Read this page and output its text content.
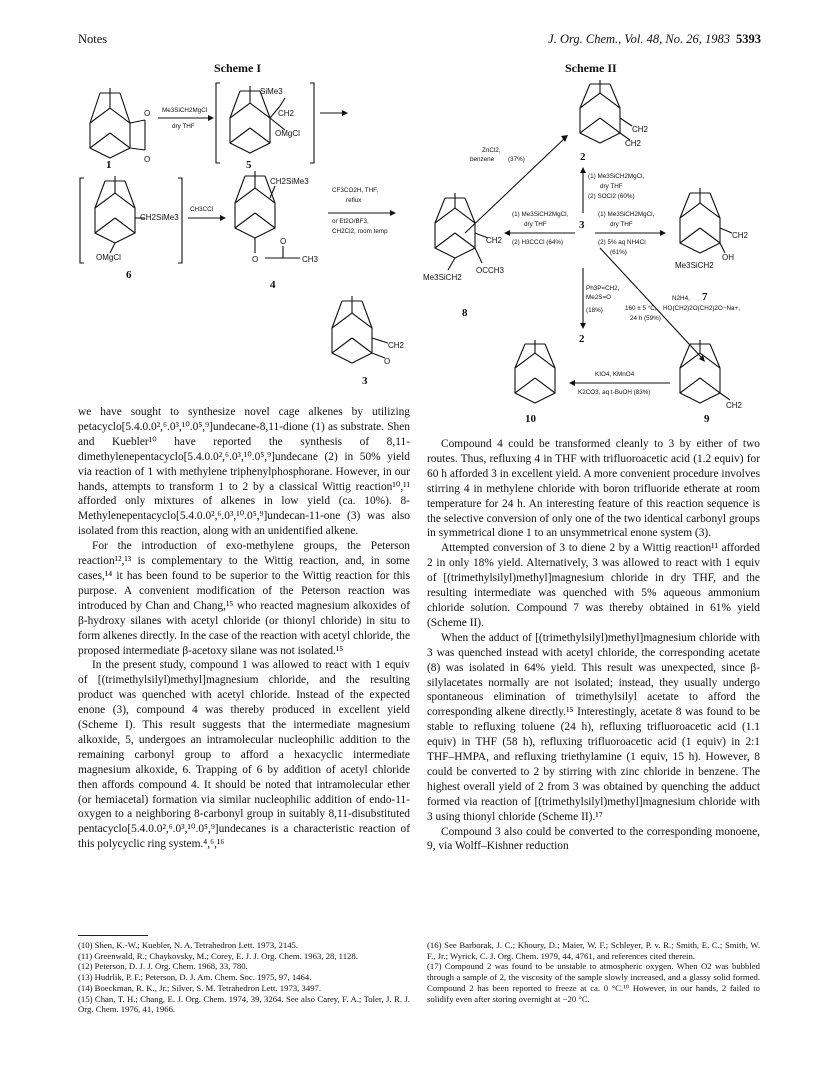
Notes	J. Org. Chem., Vol. 48, No. 26, 1983 5393
Scheme I
O
O
1
Me3SiCH2MgCl
dry THF
SiMe3
CH2
OMgCl
5
CH2SiMe3
OMgCl
6
CH3CCl
CH2SiMe3
O
O
CH3
4
CF3CO2H, THF,
reflux
or Et2O/BF3,
CH2Cl2, room temp
CH2
O
3
Scheme II
CH2
CH2
2
ZnCl2,
benzene (37%)
(1) Me3SiCH2MgCl,
dry THF
(2) SOCl2 (60%)
3
(1) Me3SiCH2MgCl,
dry THF
(2) H3CCCl (64%)
(1) Me3SiCH2MgCl,
dry THF
(2) 5% aq NH4Cl
(61%)
CH2
Me3SiCH2
OCCH3
8
CH2
OH
Me3SiCH2
7
Ph3P=CH2,
Me2S=O
(18%)
2
N2H4,
HO(CH2)2O(CH2)2O−Na+,
160 ± 5 °C,
24 h (59%)
10
KIO4, KMnO4
K2CO3, aq t-BuOH (83%)
CH2
9

we have sought to synthesize novel cage alkenes by utilizing petacyclo[5.4.0.0²,⁶.0³,¹⁰.0⁵,⁹]undecane-8,11-dione (1) as substrate. Shen and Kuebler¹⁰ have reported the synthesis of 8,11-dimethylenepentacyclo[5.4.0.0²,⁶.0³,¹⁰.0⁵,⁹]undecane (2) in 50% yield via reaction of 1 with methylene triphenylphosphorane. However, in our hands, attempts to transform 1 to 2 by a classical Wittig reaction¹⁰,¹¹ afforded only mixtures of alkenes in low yield (ca. 10%). 8-Methylenepentacyclo[5.4.0.0²,⁶.0³,¹⁰.0⁵,⁹]undecan-11-one (3) was also isolated from this reaction, along with an unidentified alkene.

For the introduction of exo-methylene groups, the Peterson reaction¹²,¹³ is complementary to the Wittig reaction, and, in some cases,¹⁴ it has been found to be superior to the Wittig reaction for this purpose. A convenient modification of the Peterson reaction was introduced by Chan and Chang,¹⁵ who reacted magnesium alkoxides of β-hydroxy silanes with acetyl chloride (or thionyl chloride) in situ to form alkenes directly. In the case of the reaction with acetyl chloride, the proposed intermediate β-acetoxy silane was not isolated.¹⁵

In the present study, compound 1 was allowed to react with 1 equiv of [(trimethylsilyl)methyl]magnesium chloride, and the resulting product was quenched with acetyl chloride. Instead of the expected enone (3), compound 4 was thereby produced in excellent yield (Scheme I). This result suggests that the intermediate magnesium alkoxide, 5, undergoes an intramolecular nucleophilic addition to the remaining carbonyl group to afford a hexacyclic intermediate magnesium alkoxide, 6. Trapping of 6 by addition of acetyl chloride then affords compound 4. It should be noted that intramolecular ether (or hemiacetal) formation via similar nucleophilic addition of endo-11-oxygen to a neighboring 8-carbonyl group in suitably 8,11-disubstituted pentacyclo[5.4.0.0²,⁶.0³,¹⁰.0⁵,⁹]undecanes is a characteristic reaction of this polycyclic ring system.⁴,⁶,¹⁶

Compound 4 could be transformed cleanly to 3 by either of two routes. Thus, refluxing 4 in THF with trifluoroacetic acid (1.2 equiv) for 60 h afforded 3 in excellent yield. A more convenient procedure involves stirring 4 in methylene chloride with boron trifluoride etherate at room temperature for 24 h. An interesting feature of this reaction sequence is the selective conversion of only one of the two identical carbonyl groups in symmetrical dione 1 to an unsymmetrical enone system (3).

Attempted conversion of 3 to diene 2 by a Wittig reaction¹¹ afforded 2 in only 18% yield. Alternatively, 3 was allowed to react with 1 equiv of [(trimethylsilyl)methyl]magnesium chloride in dry THF, and the resulting intermediate was quenched with 5% aqueous ammonium chloride solution. Compound 7 was thereby obtained in 61% yield (Scheme II).

When the adduct of [(trimethylsilyl)methyl]magnesium chloride with 3 was quenched instead with acetyl chloride, the corresponding acetate (8) was isolated in 64% yield. This result was unexpected, since β-silylacetates normally are not isolated; instead, they usually undergo spontaneous elimination of trimethylsilyl acetate to afford the corresponding alkene directly.¹⁵ Interestingly, acetate 8 was found to be stable to refluxing toluene (24 h), refluxing trifluoroacetic acid (1.1 equiv) in THF (58 h), refluxing trifluoroacetic acid (1 equiv) in 2:1 THF–HMPA, and refluxing triethylamine (1 equiv, 15 h). However, 8 could be converted to 2 by stirring with zinc chloride in benzene. The highest overall yield of 2 from 3 was obtained by quenching the adduct formed via reaction of [(trimethylsilyl)methyl]magnesium chloride with 3 using thionyl chloride (Scheme II).¹⁷

Compound 3 also could be converted to the corresponding monoene, 9, via Wolff–Kishner reduction

(10) Shen, K.-W.; Kuebler, N. A. Tetrahedron Lett. 1973, 2145.
(11) Greenwald, R.; Chaykovsky, M.; Corey, E. J. J. Org. Chem. 1963, 28, 1128.
(12) Peterson, D. J. J. Org. Chem. 1968, 33, 780.
(13) Hudrlik, P. F.; Peterson, D. J. Am. Chem. Soc. 1975, 97, 1464.
(14) Boeckman, R. K., Jr.; Silver, S. M. Tetrahedron Lett. 1973, 3497.
(15) Chan, T. H.; Chang, E. J. Org. Chem. 1974, 39, 3264. See also Carey, F. A.; Toler, J. R. J. Org. Chem. 1976, 41, 1966.
(16) See Barborak, J. C.; Khoury, D.; Maier, W. F.; Schleyer, P. v. R.; Smith, E. C.; Smith, W. F., Jr.; Wyrick, C. J. Org. Chem. 1979, 44, 4761, and references cited therein.
(17) Compound 2 was found to be unstable to atmospheric oxygen. When O2 was bubbled through a sample of 2, the viscosity of the sample slowly increased, and a glassy solid formed. Compound 2 has been reported to freeze at ca. 0 °C.¹⁰ However, in our hands, 2 failed to solidify even after storing overnight at −20 °C.
